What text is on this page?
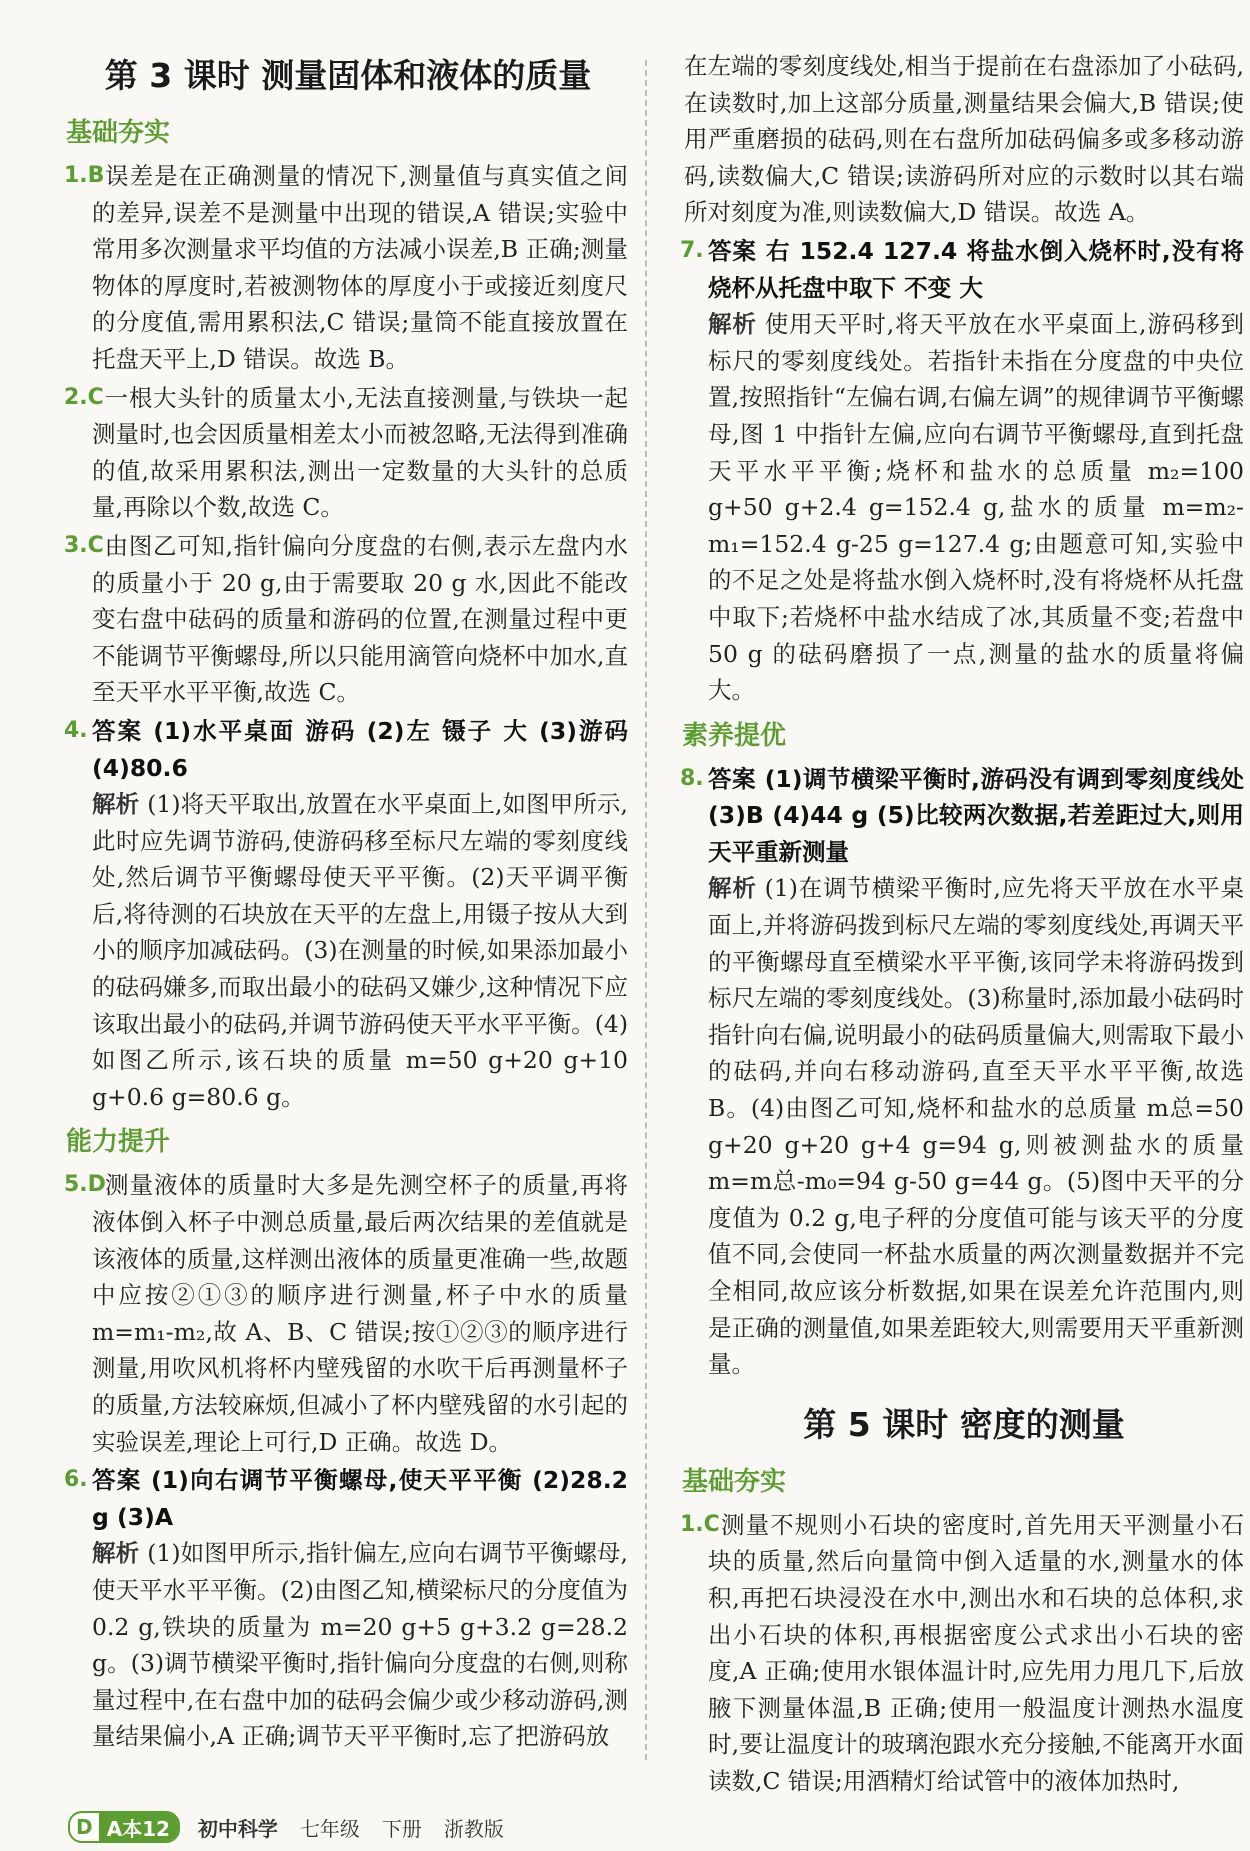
第 3 课时 测量固体和液体的质量
基础夯实
1.B 误差是在正确测量的情况下,测量值与真实值之间的差异,误差不是测量中出现的错误,A 错误;实验中常用多次测量求平均值的方法减小误差,B 正确;测量物体的厚度时,若被测物体的厚度小于或接近刻度尺的分度值,需用累积法,C 错误;量筒不能直接放置在托盘天平上,D 错误。故选 B。
2.C 一根大头针的质量太小,无法直接测量,与铁块一起测量时,也会因质量相差太小而被忽略,无法得到准确的值,故采用累积法,测出一定数量的大头针的总质量,再除以个数,故选 C。
3.C 由图乙可知,指针偏向分度盘的右侧,表示左盘内水的质量小于 20 g,由于需要取 20 g 水,因此不能改变右盘中砝码的质量和游码的位置,在测量过程中更不能调节平衡螺母,所以只能用滴管向烧杯中加水,直至天平水平平衡,故选 C。
4. 答案 (1)水平桌面 游码 (2)左 镊子 大 (3)游码 (4)80.6
解析 (1)将天平取出,放置在水平桌面上,如图甲所示,此时应先调节游码,使游码移至标尺左端的零刻度线处,然后调节平衡螺母使天平平衡。(2)天平调平衡后,将待测的石块放在天平的左盘上,用镊子按从大到小的顺序加减砝码。(3)在测量的时候,如果添加最小的砝码嫌多,而取出最小的砝码又嫌少,这种情况下应该取出最小的砝码,并调节游码使天平水平平衡。(4)如图乙所示,该石块的质量 m=50 g+20 g+10 g+0.6 g=80.6 g。
能力提升
5.D
测量液体的质量时大多是先测空杯子的质量,再将液体倒入杯子中测总质量,最后两次结果的差值就是该液体的质量,这样测出液体的质量更准确一些,故题中应按②①③的顺序进行测量,杯子中水的质量 m=m₁-m₂,故 A、B、C 错误;按①②③的顺序进行测量,用吹风机将杯内壁残留的水吹干后再测量杯子的质量,方法较麻烦,但减小了杯内壁残留的水引起的实验误差,理论上可行,D 正确。故选 D。
6. 答案 (1)向右调节平衡螺母,使天平平衡 (2)28.2 g (3)A
解析 (1)如图甲所示,指针偏左,应向右调节平衡螺母,使天平水平平衡。(2)由图乙知,横梁标尺的分度值为 0.2 g,铁块的质量为 m=20 g+5 g+3.2 g=28.2 g。(3)调节横梁平衡时,指针偏向分度盘的右侧,则称量过程中,在右盘中加的砝码会偏少或少移动游码,测量结果偏小,A 正确;调节天平平衡时,忘了把游码放
在左端的零刻度线处,相当于提前在右盘添加了小砝码,在读数时,加上这部分质量,测量结果会偏大,B 错误;使用严重磨损的砝码,则在右盘所加砝码偏多或多移动游码,读数偏大,C 错误;读游码所对应的示数时以其右端所对刻度为准,则读数偏大,D 错误。故选 A。
7. 答案 右 152.4 127.4 将盐水倒入烧杯时,没有将烧杯从托盘中取下 不变 大
解析 使用天平时,将天平放在水平桌面上,游码移到标尺的零刻度线处。若指针未指在分度盘的中央位置,按照指针“左偏右调,右偏左调”的规律调节平衡螺母,图 1 中指针左偏,应向右调节平衡螺母,直到托盘天平水平平衡;烧杯和盐水的总质量 m₂=100 g+50 g+2.4 g=152.4 g,盐水的质量 m=m₂-m₁=152.4 g-25 g=127.4 g;由题意可知,实验中的不足之处是将盐水倒入烧杯时,没有将烧杯从托盘中取下;若烧杯中盐水结成了冰,其质量不变;若盘中 50 g 的砝码磨损了一点,测量的盐水的质量将偏大。
素养提优
8. 答案 (1)调节横梁平衡时,游码没有调到零刻度线处 (3)B (4)44 g (5)比较两次数据,若差距过大,则用天平重新测量
解析 (1)在调节横梁平衡时,应先将天平放在水平桌面上,并将游码拨到标尺左端的零刻度线处,再调天平的平衡螺母直至横梁水平平衡,该同学未将游码拨到标尺左端的零刻度线处。(3)称量时,添加最小砝码时指针向右偏,说明最小的砝码质量偏大,则需取下最小的砝码,并向右移动游码,直至天平水平平衡,故选 B。(4)由图乙可知,烧杯和盐水的总质量 m总=50 g+20 g+20 g+4 g=94 g,则被测盐水的质量 m=m总-m₀=94 g-50 g=44 g。(5)图中天平的分度值为 0.2 g,电子秤的分度值可能与该天平的分度值不同,会使同一杯盐水质量的两次测量数据并不完全相同,故应该分析数据,如果在误差允许范围内,则是正确的测量值,如果差距较大,则需要用天平重新测量。
第 5 课时 密度的测量
基础夯实
1.C 测量不规则小石块的密度时,首先用天平测量小石块的质量,然后向量筒中倒入适量的水,测量水的体积,再把石块浸没在水中,测出水和石块的总体积,求出小石块的体积,再根据密度公式求出小石块的密度,A 正确;使用水银体温计时,应先用力甩几下,后放腋下测量体温,B 正确;使用一般温度计测热水温度时,要让温度计的玻璃泡跟水充分接触,不能离开水面读数,C 错误;用酒精灯给试管中的液体加热时,
D A本12	初中科学 七年级 下册 浙教版
